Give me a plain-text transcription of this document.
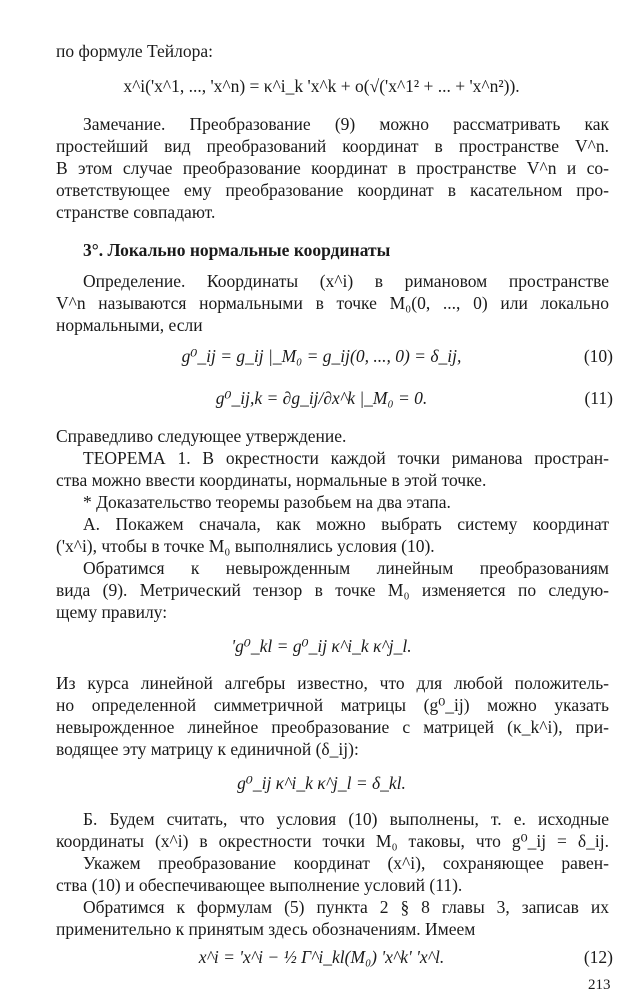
по формуле Тейлора:
x^i('x^1, ..., 'x^n) = κ^i_k 'x^k + o(√('x^1² + ... + 'x^n²)).
Замечание. Преобразование (9) можно рассматривать как
простейший вид преобразований координат в пространстве V^n.
В этом случае преобразование координат в пространстве V^n и со-
ответствующее ему преобразование координат в касательном про-
странстве совпадают.
3°. Локально нормальные координаты
Определение. Координаты (x^i) в римановом пространстве
V^n называются нормальными в точке M₀(0, ..., 0) или локально
нормальными, если
g⁰_ij = g_ij |_M₀ = g_ij(0, ..., 0) = δ_ij,	(10)
g⁰_ij,k = ∂g_ij/∂x^k |_M₀ = 0.	(11)
Справедливо следующее утверждение.
ТЕОРЕМА 1. В окрестности каждой точки риманова простран-
ства можно ввести координаты, нормальные в этой точке.
* Доказательство теоремы разобьем на два этапа.
А. Покажем сначала, как можно выбрать систему координат
('x^i), чтобы в точке M₀ выполнялись условия (10).
Обратимся к невырожденным линейным преобразованиям
вида (9). Метрический тензор в точке M₀ изменяется по следую-
щему правилу:
'g⁰_kl = g⁰_ij κ^i_k κ^j_l.
Из курса линейной алгебры известно, что для любой положитель-
но определенной симметричной матрицы (g⁰_ij) можно указать
невырожденное линейное преобразование с матрицей (κ_k^i), при-
водящее эту матрицу к единичной (δ_ij):
g⁰_ij κ^i_k κ^j_l = δ_kl.
Б. Будем считать, что условия (10) выполнены, т. е. исходные
координаты (x^i) в окрестности точки M₀ таковы, что g⁰_ij = δ_ij.
Укажем преобразование координат (x^i), сохраняющее равен-
ства (10) и обеспечивающее выполнение условий (11).
Обратимся к формулам (5) пункта 2 § 8 главы 3, записав их
применительно к принятым здесь обозначениям. Имеем
x^i = 'x^i − ½ Γ^i_kl(M₀) 'x^k' 'x^l.	(12)
213
